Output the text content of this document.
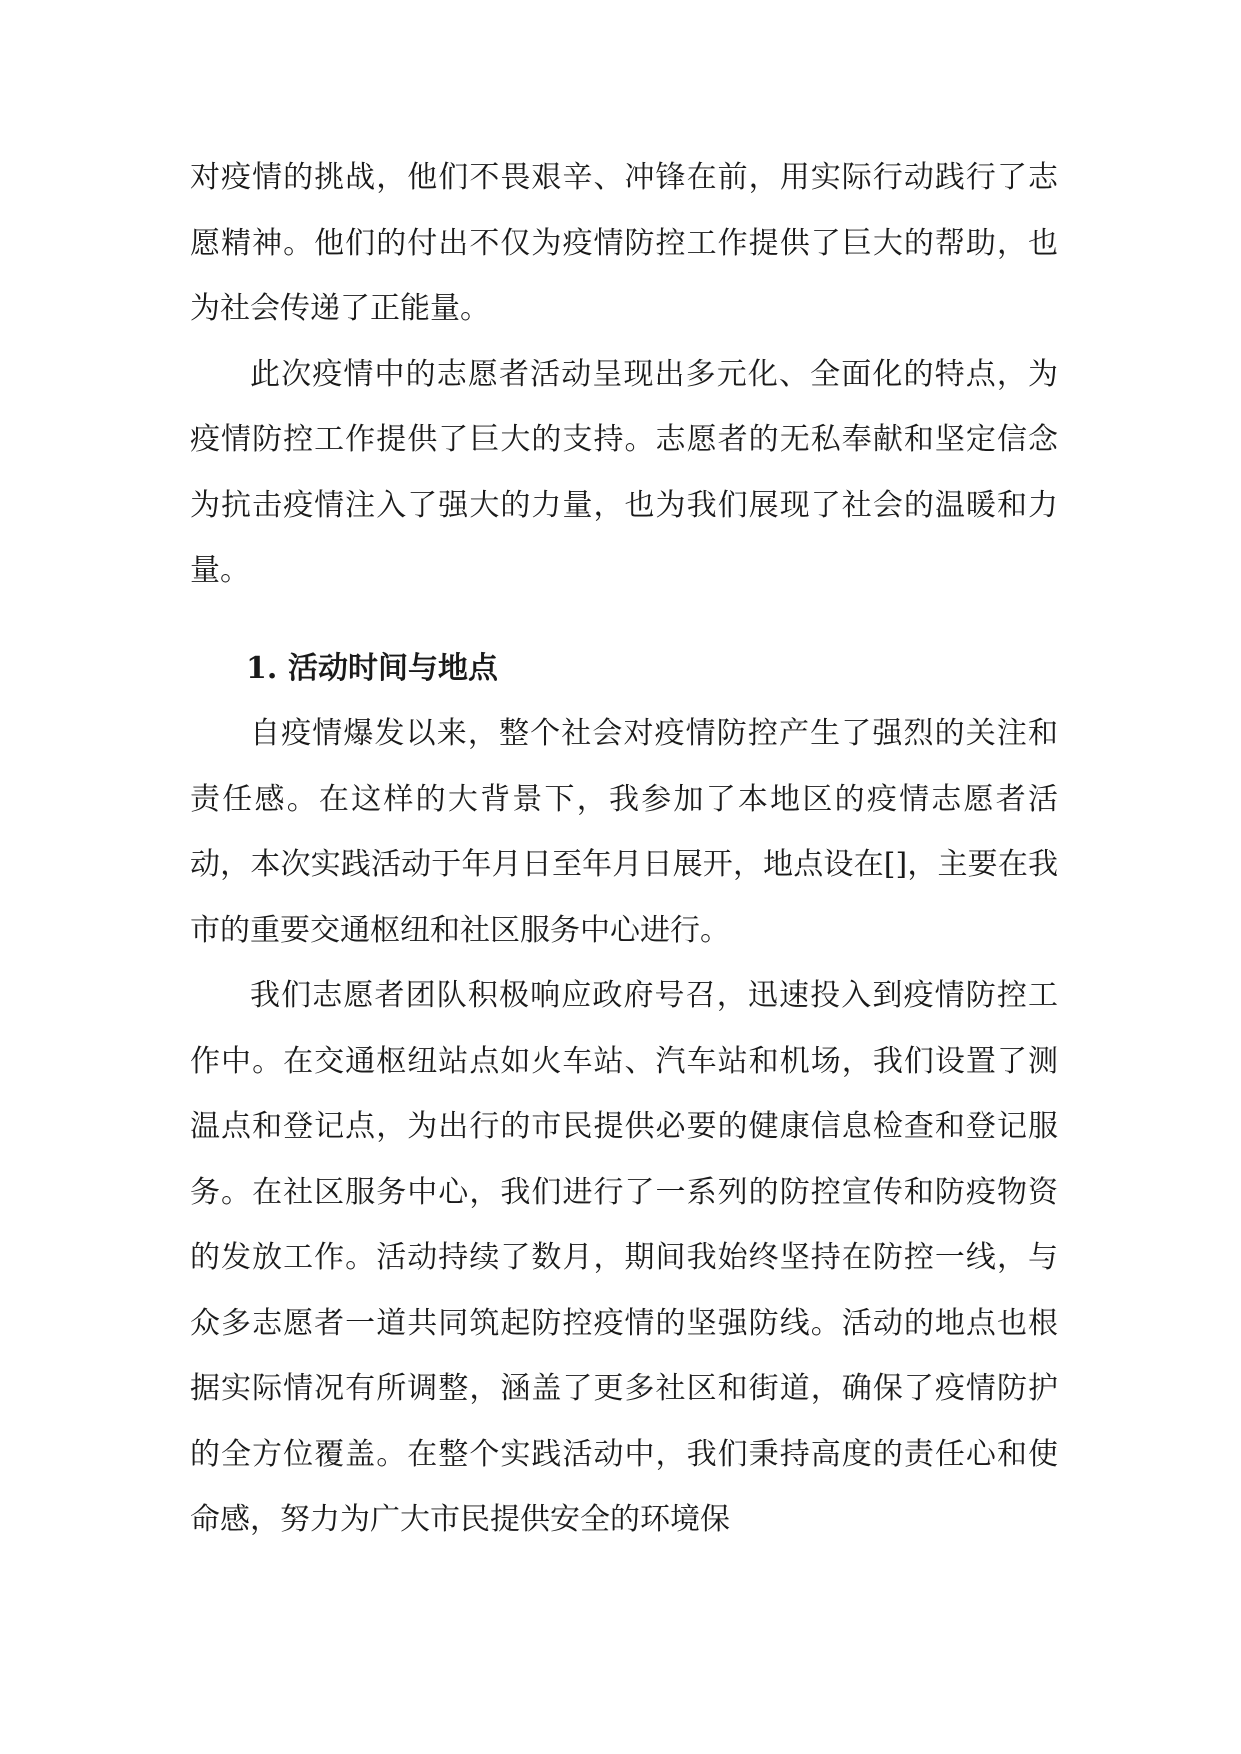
对疫情的挑战，他们不畏艰辛、冲锋在前，用实际行动践行了志愿精神。他们的付出不仅为疫情防控工作提供了巨大的帮助，也为社会传递了正能量。

此次疫情中的志愿者活动呈现出多元化、全面化的特点，为疫情防控工作提供了巨大的支持。志愿者的无私奉献和坚定信念为抗击疫情注入了强大的力量，也为我们展现了社会的温暖和力量。

1. 活动时间与地点

自疫情爆发以来，整个社会对疫情防控产生了强烈的关注和责任感。在这样的大背景下，我参加了本地区的疫情志愿者活动，本次实践活动于年月日至年月日展开，地点设在[]，主要在我市的重要交通枢纽和社区服务中心进行。

我们志愿者团队积极响应政府号召，迅速投入到疫情防控工作中。在交通枢纽站点如火车站、汽车站和机场，我们设置了测温点和登记点，为出行的市民提供必要的健康信息检查和登记服务。在社区服务中心，我们进行了一系列的防控宣传和防疫物资的发放工作。活动持续了数月，期间我始终坚持在防控一线，与众多志愿者一道共同筑起防控疫情的坚强防线。活动的地点也根据实际情况有所调整，涵盖了更多社区和街道，确保了疫情防护的全方位覆盖。在整个实践活动中，我们秉持高度的责任心和使命感，努力为广大市民提供安全的环境保
